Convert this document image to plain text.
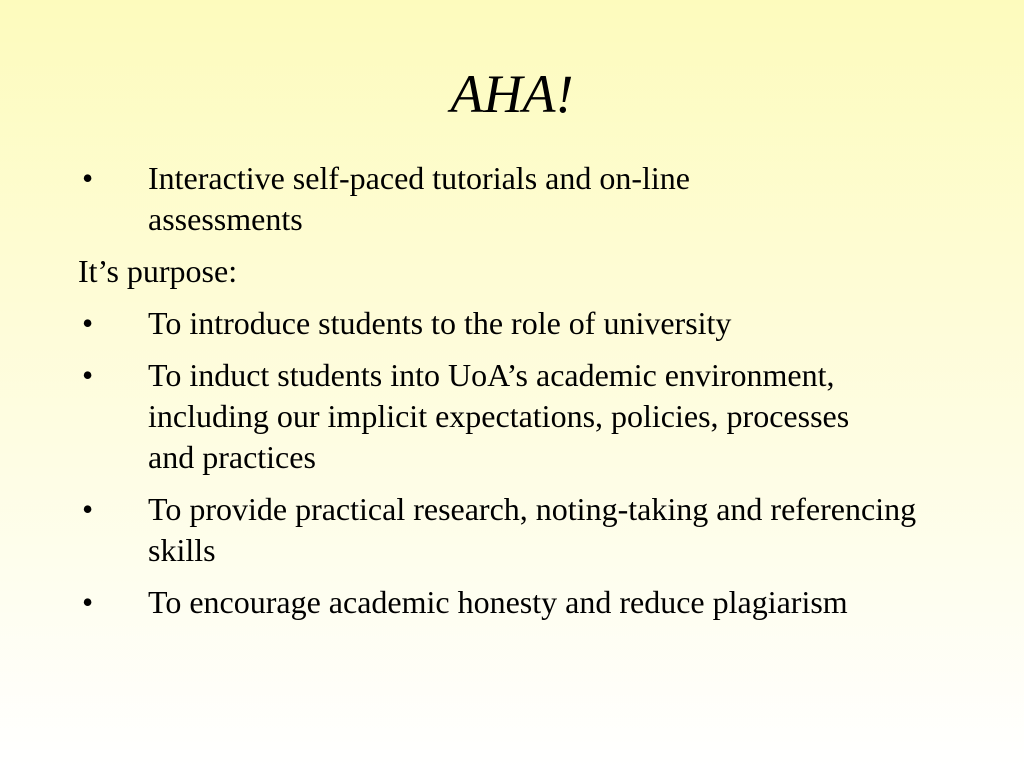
AHA!
• Interactive self-paced tutorials and on-line assessments
It’s purpose:
• To introduce students to the role of university
• To induct students into UoA’s academic environment, including our implicit expectations, policies, processes and practices
• To provide practical research, noting-taking and referencing skills
• To encourage academic honesty and reduce plagiarism
